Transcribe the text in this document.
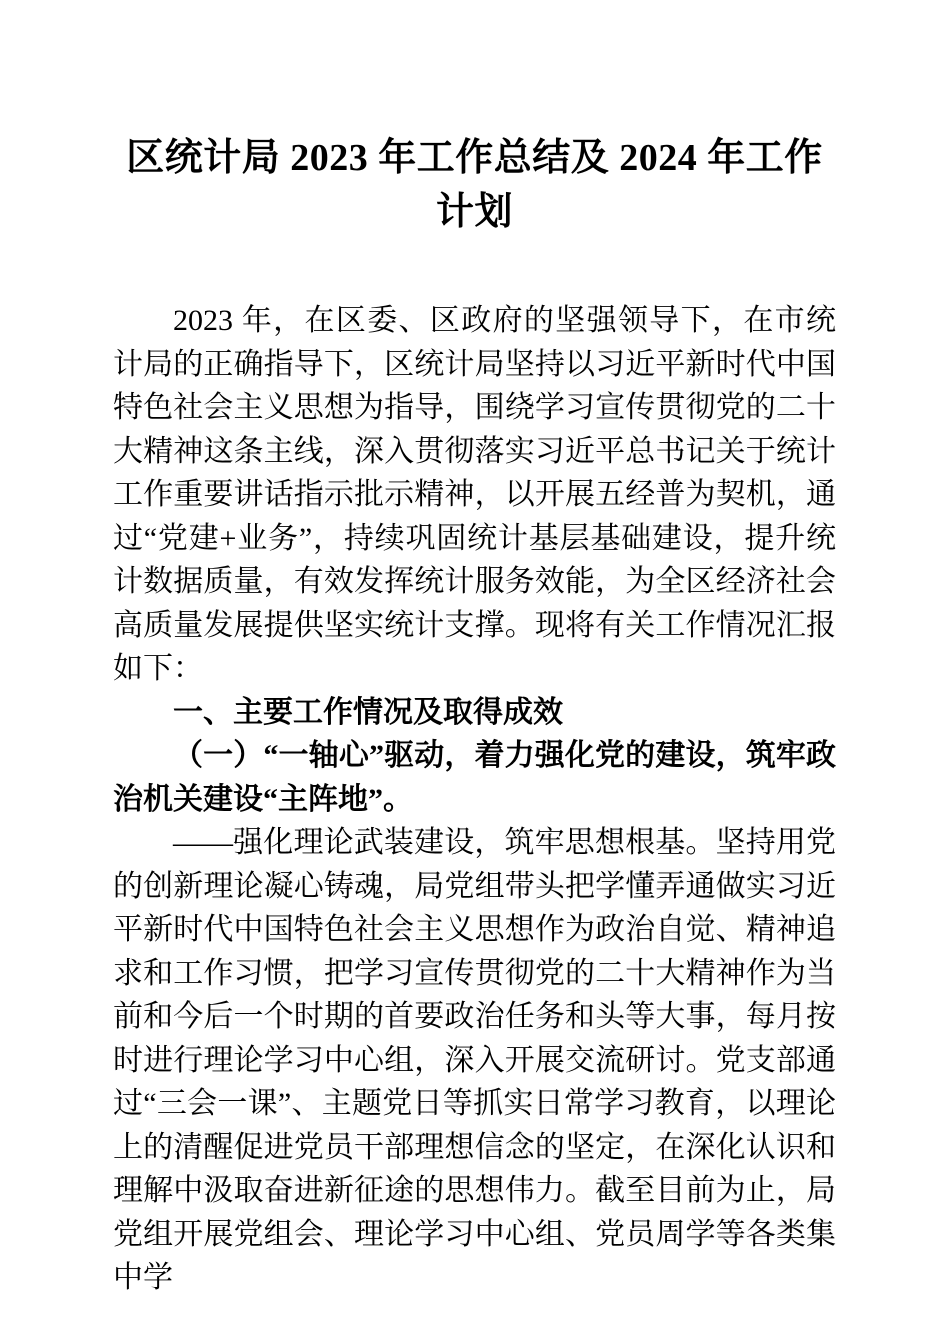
区统计局 2023 年工作总结及 2024 年工作计划

2023 年，在区委、区政府的坚强领导下，在市统计局的正确指导下，区统计局坚持以习近平新时代中国特色社会主义思想为指导，围绕学习宣传贯彻党的二十大精神这条主线，深入贯彻落实习近平总书记关于统计工作重要讲话指示批示精神，以开展五经普为契机，通过“党建+业务”，持续巩固统计基层基础建设，提升统计数据质量，有效发挥统计服务效能，为全区经济社会高质量发展提供坚实统计支撑。现将有关工作情况汇报如下：

一、主要工作情况及取得成效
（一）“一轴心”驱动，着力强化党的建设，筑牢政治机关建设“主阵地”。

——强化理论武装建设，筑牢思想根基。坚持用党的创新理论凝心铸魂，局党组带头把学懂弄通做实习近平新时代中国特色社会主义思想作为政治自觉、精神追求和工作习惯，把学习宣传贯彻党的二十大精神作为当前和今后一个时期的首要政治任务和头等大事，每月按时进行理论学习中心组，深入开展交流研讨。党支部通过“三会一课”、主题党日等抓实日常学习教育，以理论上的清醒促进党员干部理想信念的坚定，在深化认识和理解中汲取奋进新征途的思想伟力。截至目前为止，局党组开展党组会、理论学习中心组、党员周学等各类集中学
